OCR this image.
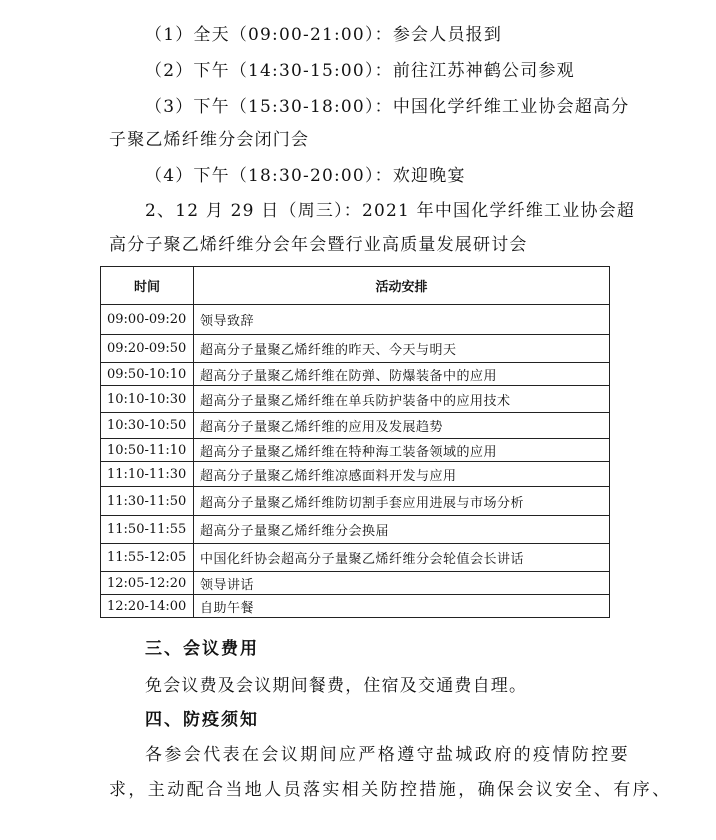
（1）全天（09:00-21:00）：参会人员报到
（2）下午（14:30-15:00）：前往江苏神鹤公司参观
（3）下午（15:30-18:00）：中国化学纤维工业协会超高分
子聚乙烯纤维分会闭门会
（4）下午（18:30-20:00）：欢迎晚宴
2、12 月 29 日（周三）：2021 年中国化学纤维工业协会超
高分子聚乙烯纤维分会年会暨行业高质量发展研讨会
时间	活动安排
09:00-09:20	领导致辞
09:20-09:50	超高分子量聚乙烯纤维的昨天、今天与明天
09:50-10:10	超高分子量聚乙烯纤维在防弹、防爆装备中的应用
10:10-10:30	超高分子量聚乙烯纤维在单兵防护装备中的应用技术
10:30-10:50	超高分子量聚乙烯纤维的应用及发展趋势
10:50-11:10	超高分子量聚乙烯纤维在特种海工装备领域的应用
11:10-11:30	超高分子量聚乙烯纤维凉感面料开发与应用
11:30-11:50	超高分子量聚乙烯纤维防切割手套应用进展与市场分析
11:50-11:55	超高分子量聚乙烯纤维分会换届
11:55-12:05	中国化纤协会超高分子量聚乙烯纤维分会轮值会长讲话
12:05-12:20	领导讲话
12:20-14:00	自助午餐
三、会议费用
免会议费及会议期间餐费，住宿及交通费自理。
四、防疫须知
各参会代表在会议期间应严格遵守盐城政府的疫情防控要
求，主动配合当地人员落实相关防控措施，确保会议安全、有序、
